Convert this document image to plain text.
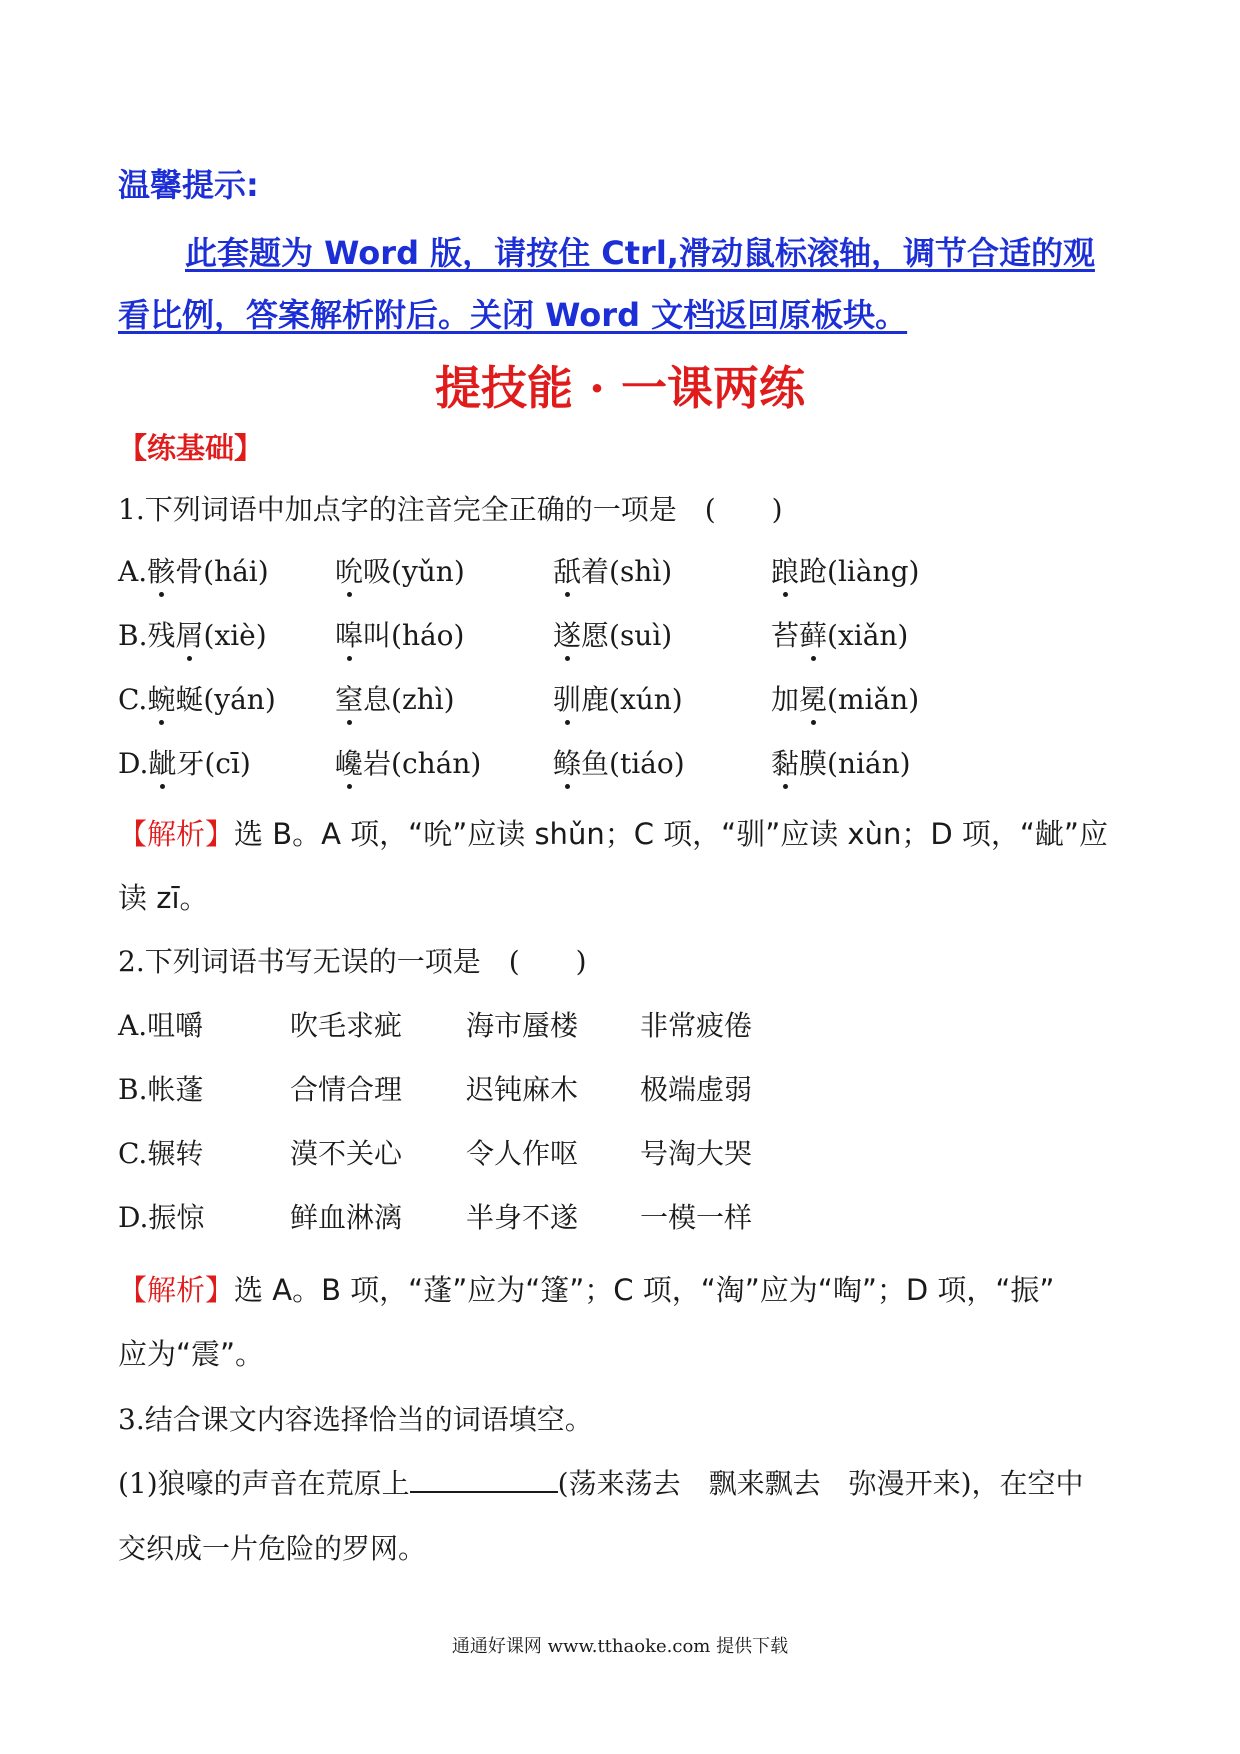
温馨提示:
此套题为 Word 版，请按住 Ctrl,滑动鼠标滚轴，调节合适的观
看比例，答案解析附后。关闭 Word 文档返回原板块。
提技能 · 一课两练
【练基础】
1.下列词语中加点字的注音完全正确的一项是　(　　)
A.骸骨(hái) 吮吸(yǔn)	舐着(shì)	踉跄(liàng)
B.残屑(xiè) 嗥叫(háo)	遂愿(suì)	苔藓(xiǎn)
C.蜿蜒(yán) 窒息(zhì)	驯鹿(xún)	加冕(miǎn)
D.龇牙(cī)	巉岩(chán)	鲦鱼(tiáo)	黏膜(nián)
【解析】选 B。A 项，“吮”应读 shǔn；C 项，“驯”应读 xùn；D 项，“龇”应
读 zī。
2.下列词语书写无误的一项是　(　　)
A.咀嚼	吹毛求疵 海市蜃楼 非常疲倦
B.帐蓬	合情合理 迟钝麻木 极端虚弱
C.辗转	漠不关心 令人作呕 号淘大哭
D.振惊	鲜血淋漓 半身不遂 一模一样
【解析】选 A。B 项，“蓬”应为“篷”；C 项，“淘”应为“啕”；D 项，“振”
应为“震”。
3.结合课文内容选择恰当的词语填空。
(1)狼嚎的声音在荒原上	(荡来荡去　飘来飘去　弥漫开来)，在空中
交织成一片危险的罗网。
通通好课网 www.tthaoke.com 提供下载
